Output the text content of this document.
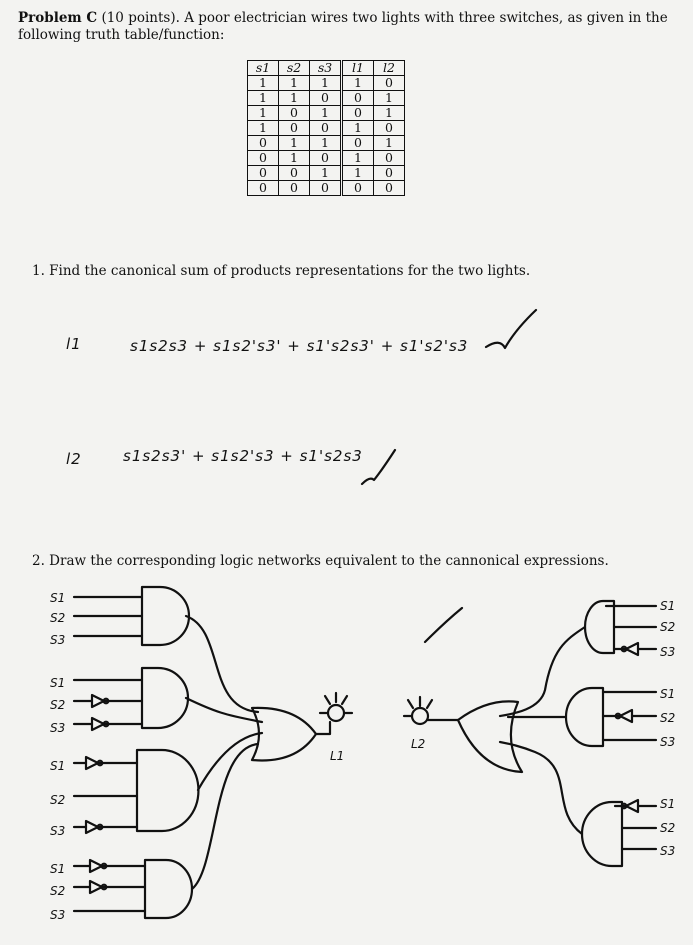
Problem C (10 points). A poor electrician wires two lights with three switches, as given in the
following truth table/function:
s1	s2	s3	l1	l2
1	1	1	1	0
1	1	0	0	1
1	0	1	0	1
1	0	0	1	0
0	1	1	0	1
0	1	0	1	0
0	0	1	1	0
0	0	0	0	0
1. Find the canonical sum of products representations for the two lights.
l1	s1s2s3 + s1s2's3' + s1's2s3' + s1's2's3
l2	s1s2s3' + s1s2's3 + s1's2s3
2. Draw the corresponding logic networks equivalent to the cannonical expressions.
S1
S2
S3
S1
S2
S3
S1
S2
S3
S1
S2
S3
S1
S2
S3
S1
S2
S3
S1
S2
S3
L1
L2
